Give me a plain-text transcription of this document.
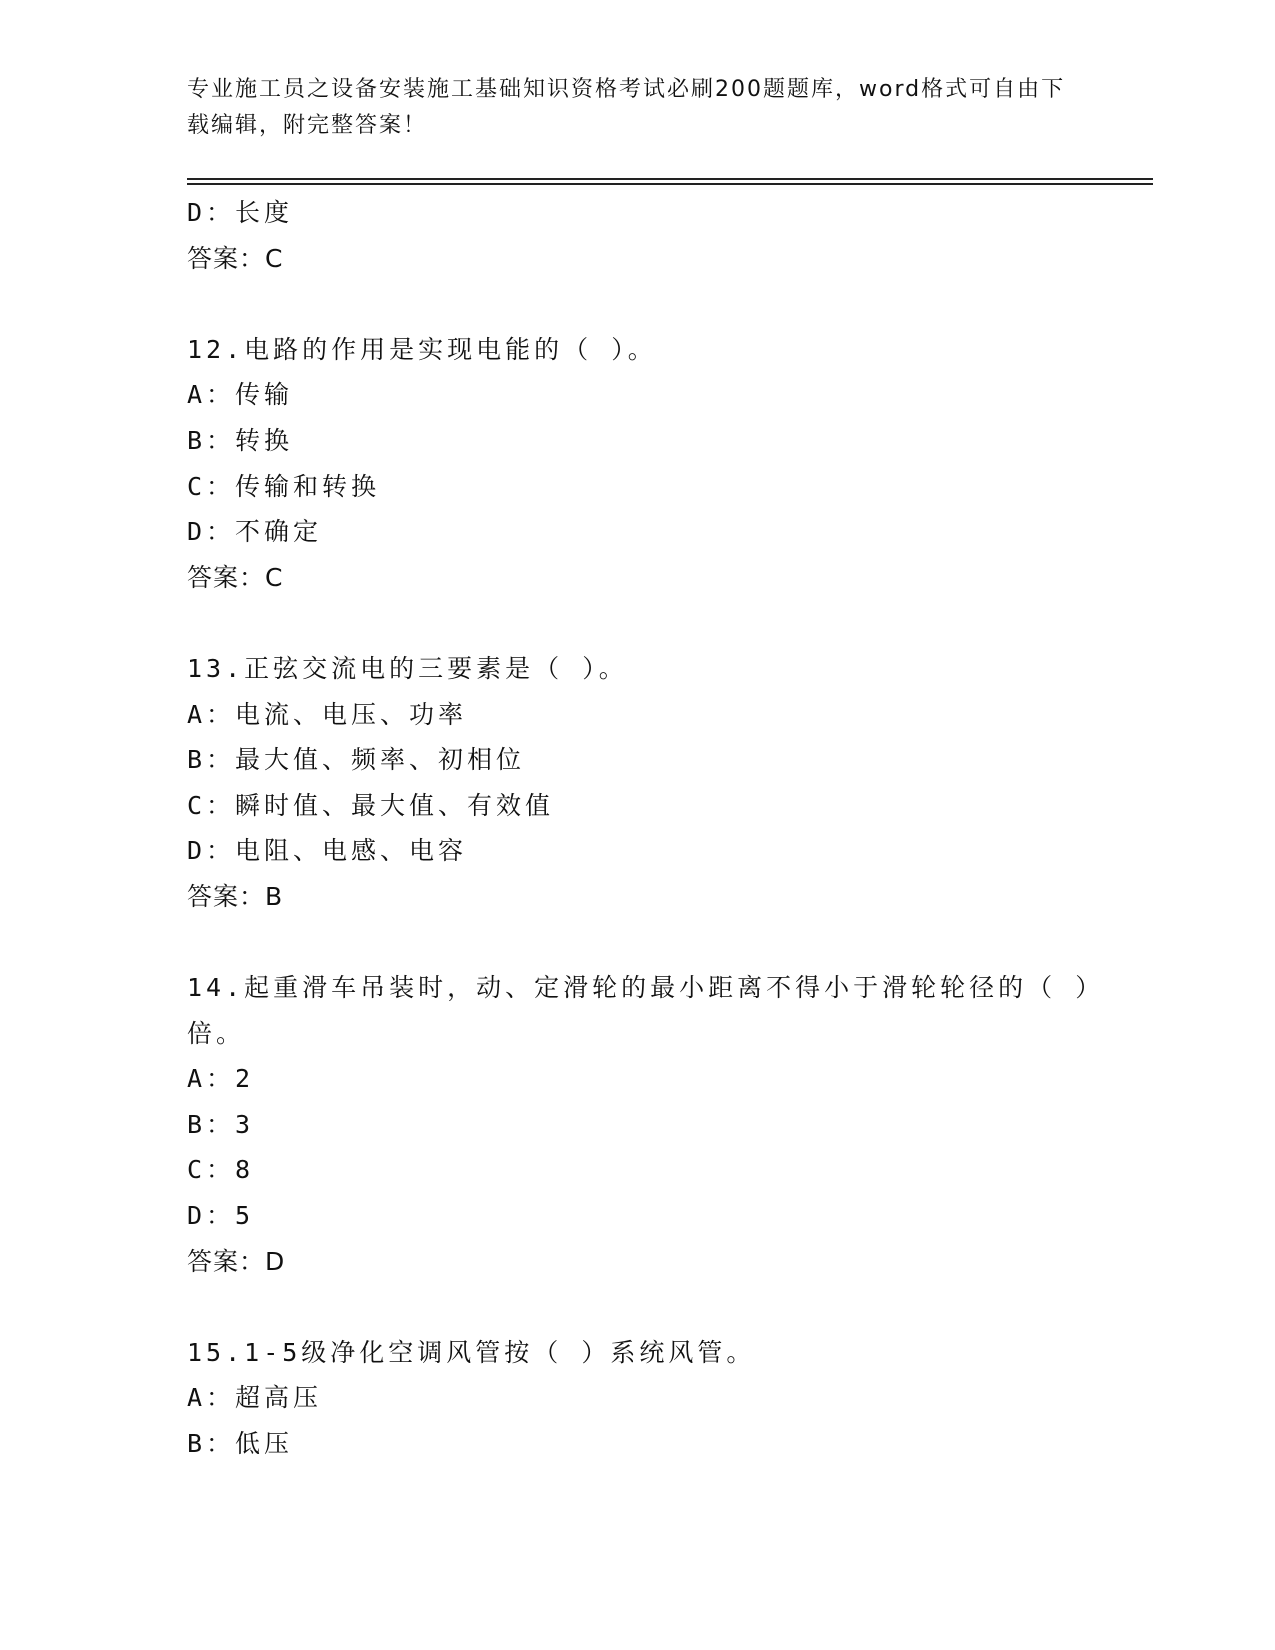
专业施工员之设备安装施工基础知识资格考试必刷200题题库，word格式可自由下载编辑，附完整答案！
D：长度
答案：C
12.电路的作用是实现电能的（ ）。
A：传输
B：转换
C：传输和转换
D：不确定
答案：C
13.正弦交流电的三要素是（ ）。
A：电流、电压、功率
B：最大值、频率、初相位
C：瞬时值、最大值、有效值
D：电阻、电感、电容
答案：B
14.起重滑车吊装时，动、定滑轮的最小距离不得小于滑轮轮径的（ ）倍。
A：2
B：3
C：8
D：5
答案：D
15.1-5级净化空调风管按（ ）系统风管。
A：超高压
B：低压
